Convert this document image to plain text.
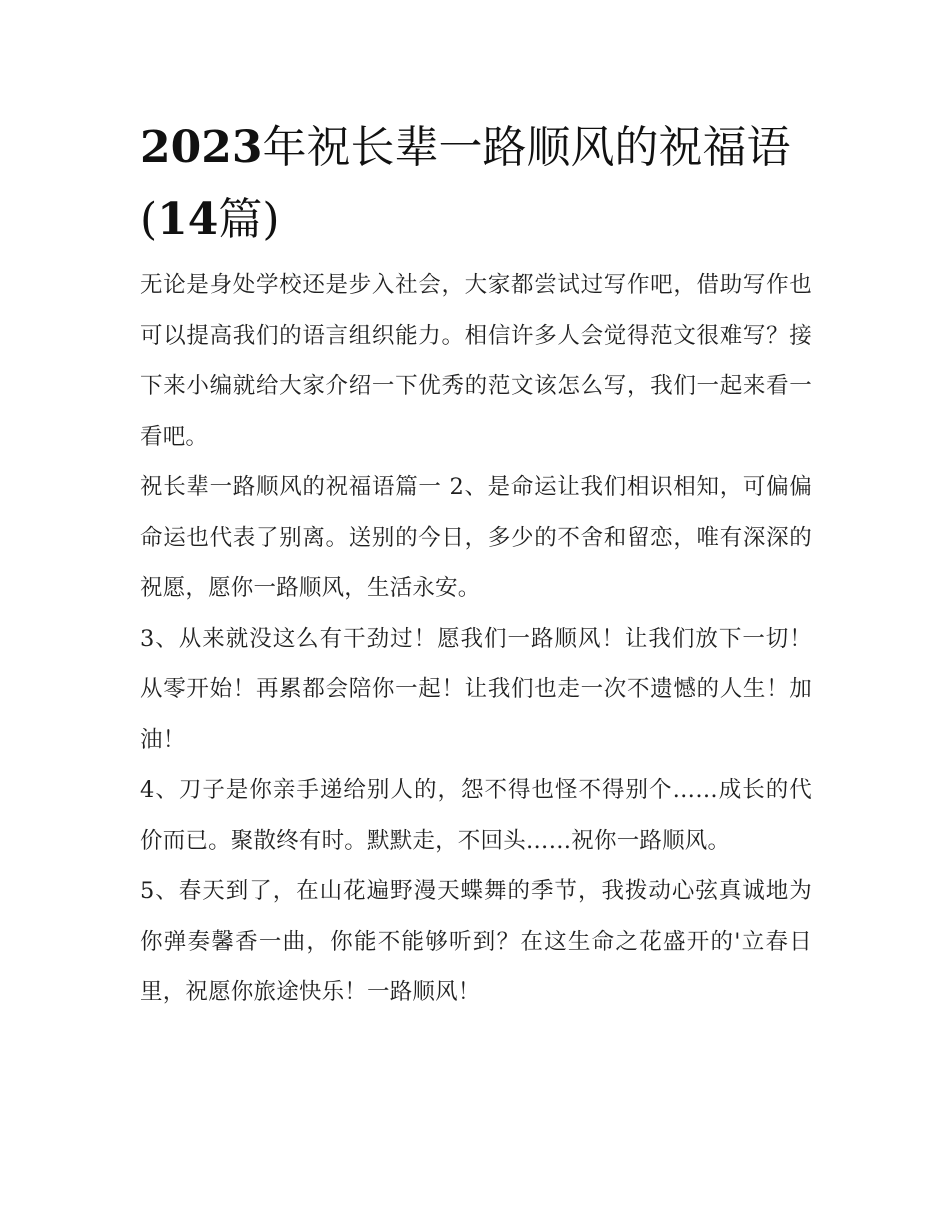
2023年祝长辈一路顺风的祝福语(14篇)

无论是身处学校还是步入社会，大家都尝试过写作吧，借助写作也可以提高我们的语言组织能力。相信许多人会觉得范文很难写？接下来小编就给大家介绍一下优秀的范文该怎么写，我们一起来看一看吧。

祝长辈一路顺风的祝福语篇一 2、是命运让我们相识相知，可偏偏命运也代表了别离。送别的今日，多少的不舍和留恋，唯有深深的祝愿，愿你一路顺风，生活永安。

3、从来就没这么有干劲过！愿我们一路顺风！让我们放下一切！从零开始！再累都会陪你一起！让我们也走一次不遗憾的人生！加油！

4、刀子是你亲手递给别人的，怨不得也怪不得别个……成长的代价而已。聚散终有时。默默走，不回头……祝你一路顺风。

5、春天到了，在山花遍野漫天蝶舞的季节，我拨动心弦真诚地为你弹奏馨香一曲，你能不能够听到？在这生命之花盛开的'立春日里，祝愿你旅途快乐！一路顺风！
